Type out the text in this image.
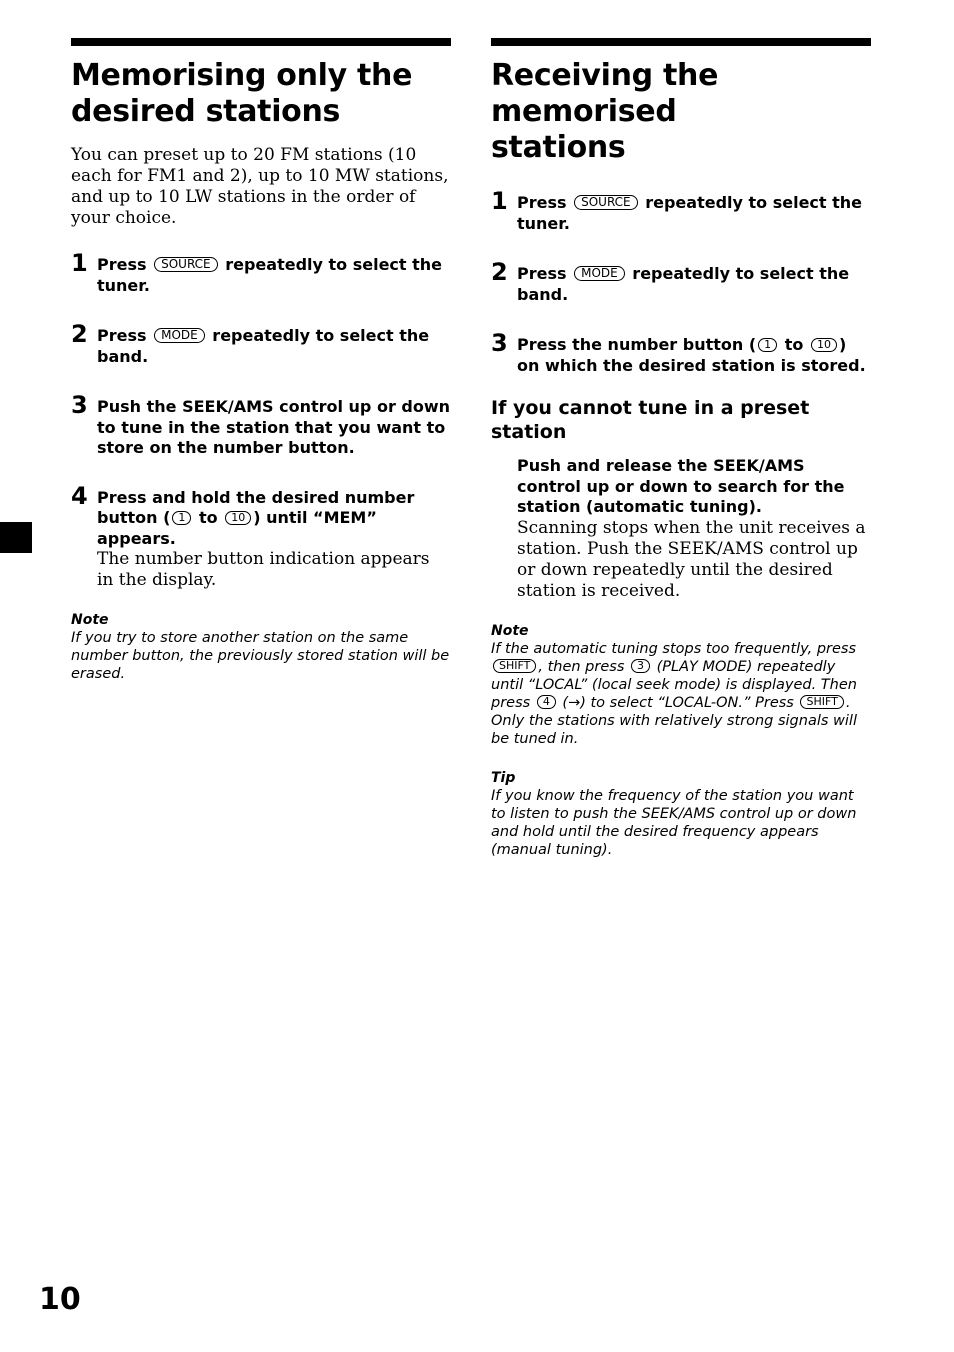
Memorising only the
desired stations

You can preset up to 20 FM stations (10 each for FM1 and 2), up to 10 MW stations, and up to 10 LW stations in the order of your choice.

1 Press SOURCE repeatedly to select the tuner.
2 Press MODE repeatedly to select the band.
3 Push the SEEK/AMS control up or down to tune in the station that you want to store on the number button.
4 Press and hold the desired number button ( 1 to 10 ) until “MEM” appears.
The number button indication appears in the display.
Note
If you try to store another station on the same number button, the previously stored station will be erased.
Receiving the memorised
stations
1 Press SOURCE repeatedly to select the tuner.
2 Press MODE repeatedly to select the band.
3 Press the number button ( 1 to 10 ) on which the desired station is stored.
If you cannot tune in a preset station
Push and release the SEEK/AMS control up or down to search for the station (automatic tuning).
Scanning stops when the unit receives a station. Push the SEEK/AMS control up or down repeatedly until the desired station is received.
Note
If the automatic tuning stops too frequently, press SHIFT , then press 3 (PLAY MODE) repeatedly until “LOCAL” (local seek mode) is displayed. Then press 4 (→) to select “LOCAL-ON.” Press SHIFT . Only the stations with relatively strong signals will be tuned in.
Tip
If you know the frequency of the station you want to listen to push the SEEK/AMS control up or down and hold until the desired frequency appears (manual tuning).
10
